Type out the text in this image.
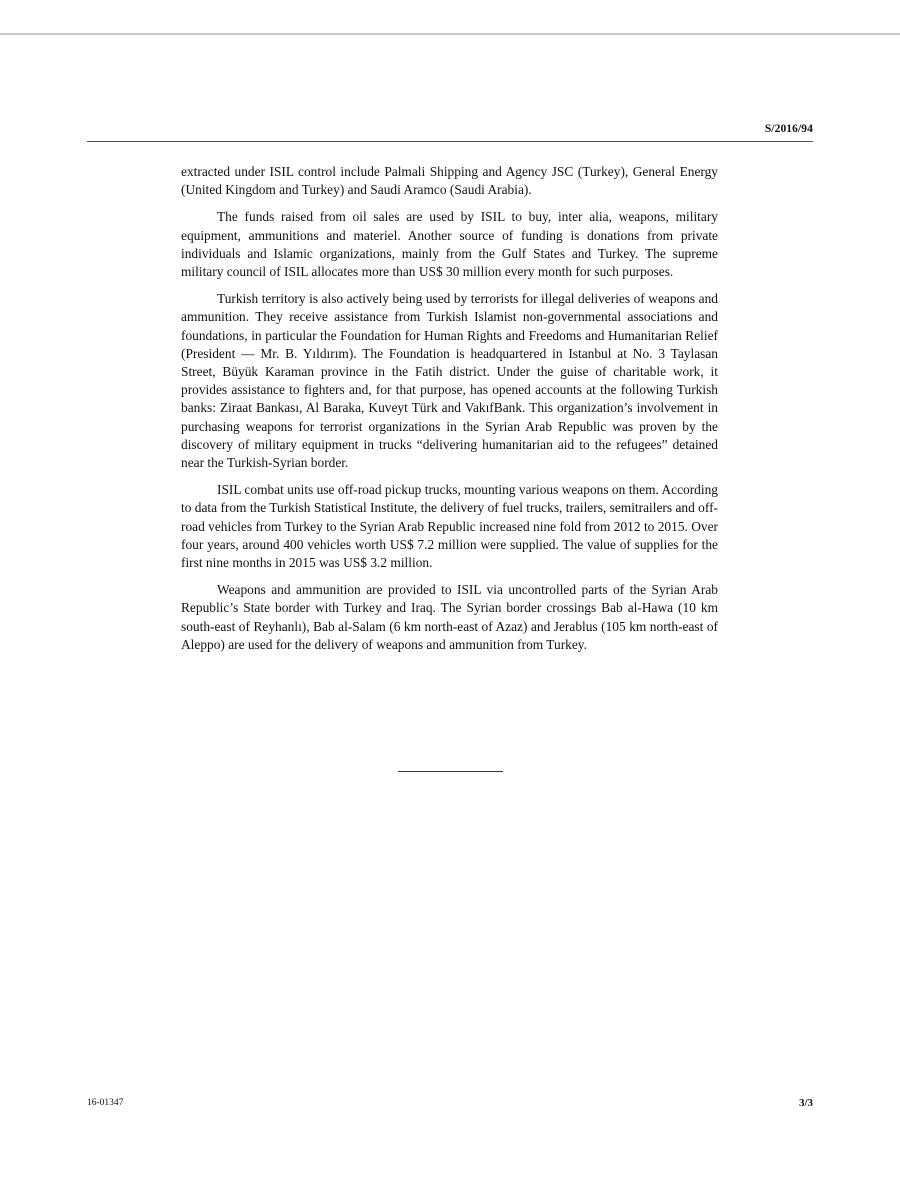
S/2016/94

extracted under ISIL control include Palmali Shipping and Agency JSC (Turkey), General Energy (United Kingdom and Turkey) and Saudi Aramco (Saudi Arabia).

The funds raised from oil sales are used by ISIL to buy, inter alia, weapons, military equipment, ammunitions and materiel. Another source of funding is donations from private individuals and Islamic organizations, mainly from the Gulf States and Turkey. The supreme military council of ISIL allocates more than US$ 30 million every month for such purposes.

Turkish territory is also actively being used by terrorists for illegal deliveries of weapons and ammunition. They receive assistance from Turkish Islamist non-governmental associations and foundations, in particular the Foundation for Human Rights and Freedoms and Humanitarian Relief (President — Mr. B. Yıldırım). The Foundation is headquartered in Istanbul at No. 3 Taylasan Street, Büyük Karaman province in the Fatih district. Under the guise of charitable work, it provides assistance to fighters and, for that purpose, has opened accounts at the following Turkish banks: Ziraat Bankası, Al Baraka, Kuveyt Türk and VakıfBank. This organization’s involvement in purchasing weapons for terrorist organizations in the Syrian Arab Republic was proven by the discovery of military equipment in trucks “delivering humanitarian aid to the refugees” detained near the Turkish-Syrian border.

ISIL combat units use off-road pickup trucks, mounting various weapons on them. According to data from the Turkish Statistical Institute, the delivery of fuel trucks, trailers, semitrailers and off-road vehicles from Turkey to the Syrian Arab Republic increased nine fold from 2012 to 2015. Over four years, around 400 vehicles worth US$ 7.2 million were supplied. The value of supplies for the first nine months in 2015 was US$ 3.2 million.

Weapons and ammunition are provided to ISIL via uncontrolled parts of the Syrian Arab Republic’s State border with Turkey and Iraq. The Syrian border crossings Bab al-Hawa (10 km south-east of Reyhanlı), Bab al-Salam (6 km north-east of Azaz) and Jerablus (105 km north-east of Aleppo) are used for the delivery of weapons and ammunition from Turkey.

16-01347	3/3
